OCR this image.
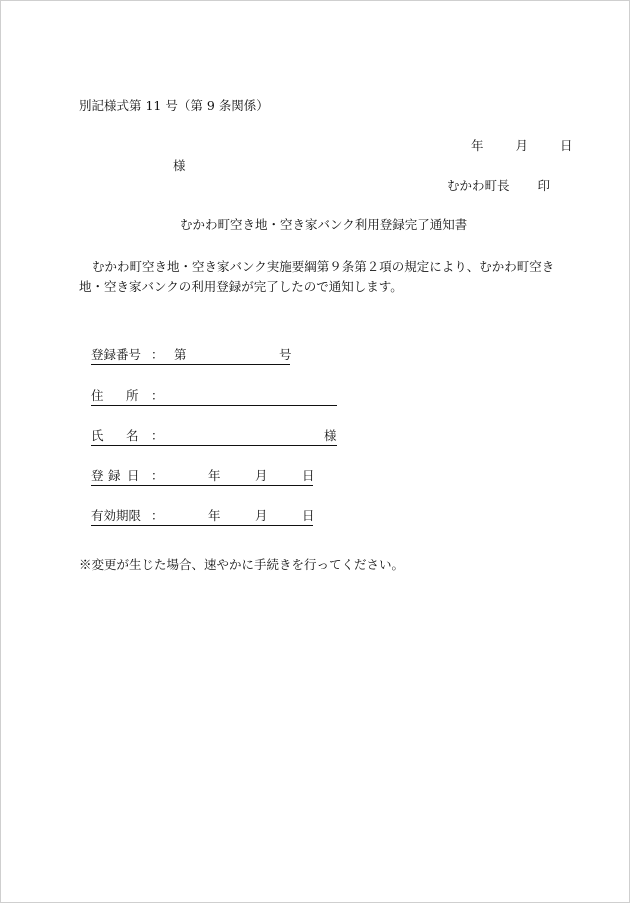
別記様式第 11 号（第 9 条関係）
年	月	日
様
むかわ町長 印
むかわ町空き地・空き家バンク利用登録完了通知書
むかわ町空き地・空き家バンク実施要綱第９条第２項の規定により、むかわ町空き地・空き家バンクの利用登録が完了したので通知します。
登録番号 ： 第	号
住 所 ：
氏 名 ：	様
登 録 日 ：	年	月	日
有効期限 ：	年	月	日
※変更が生じた場合、速やかに手続きを行ってください。
